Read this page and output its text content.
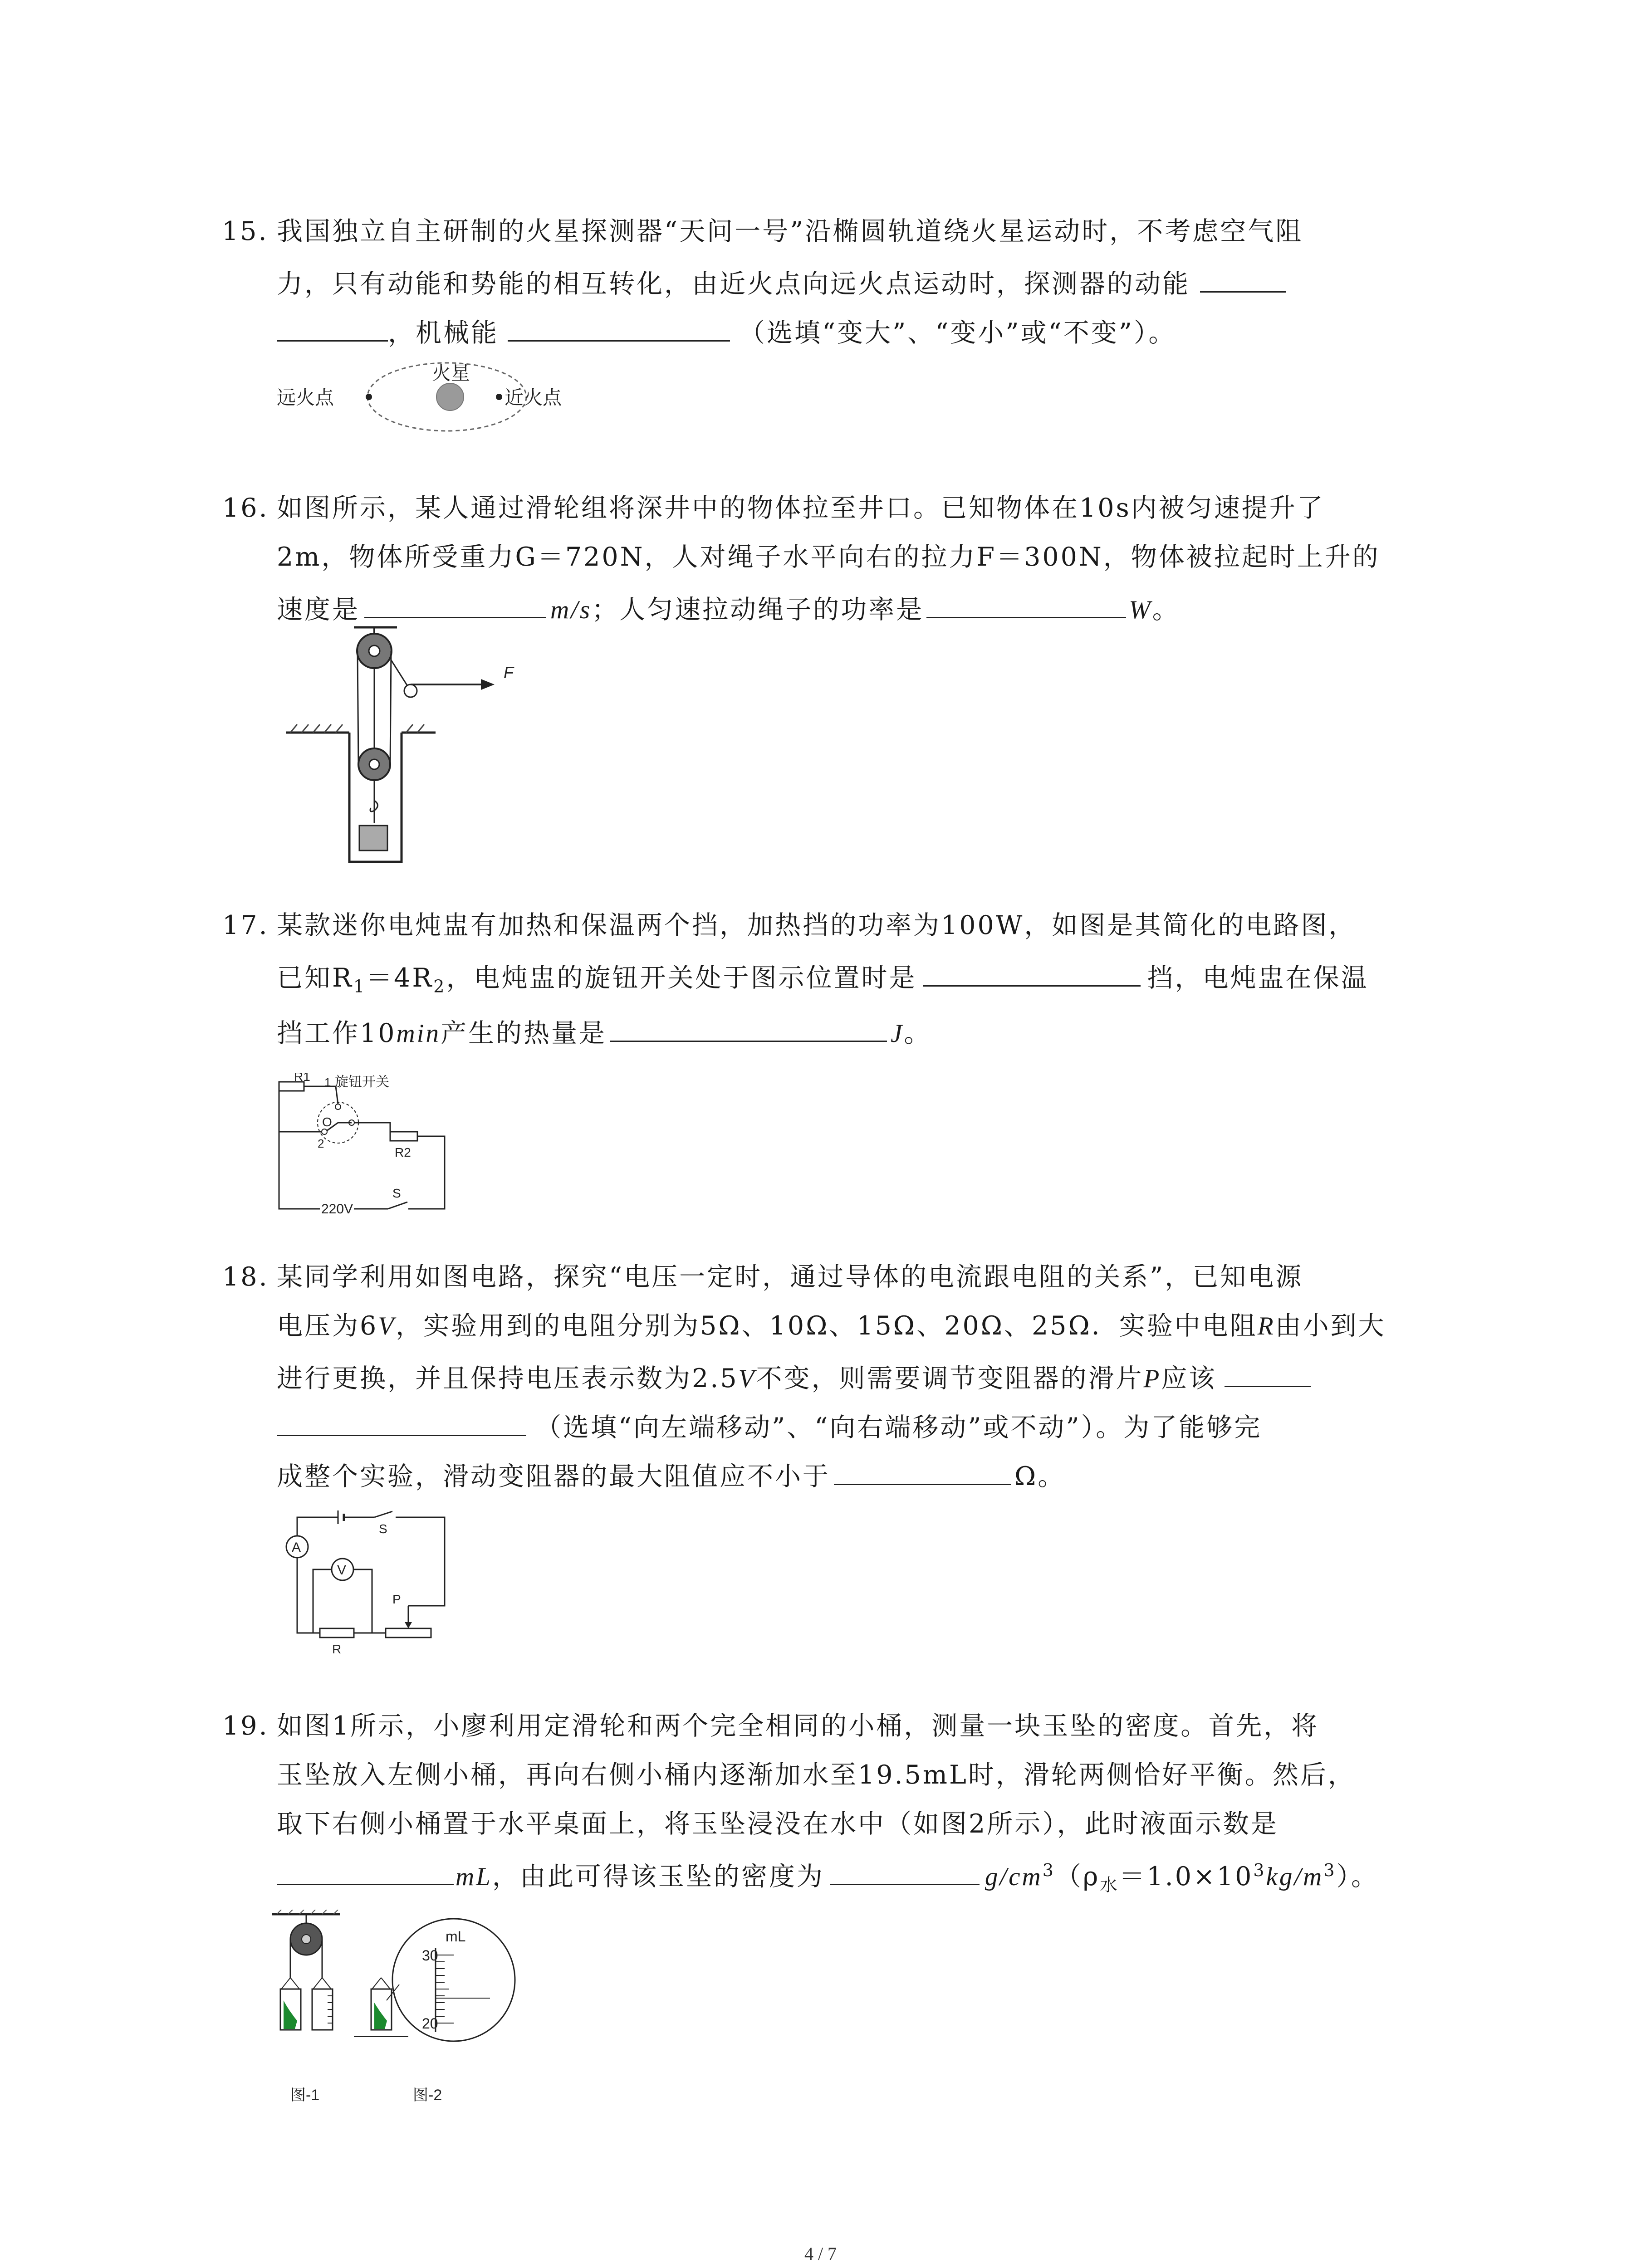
15. 我国独立自主研制的火星探测器“天问一号”沿椭圆轨道绕火星运动时，不考虑空气阻
力，只有动能和势能的相互转化，由近火点向远火点运动时，探测器的动能
，机械能	（选填“变大”、“变小”或“不变”）。
远火点
火星
近火点
16. 如图所示，某人通过滑轮组将深井中的物体拉至井口。已知物体在10s内被匀速提升了
2m，物体所受重力G＝720N，人对绳子水平向右的拉力F＝300N，物体被拉起时上升的
速度是	m/s；人匀速拉动绳子的功率是	W。
F
17. 某款迷你电炖盅有加热和保温两个挡，加热挡的功率为100W，如图是其简化的电路图，
已知$R_1=4R_2$，电炖盅的旋钮开关处于图示位置时是	挡，电炖盅在保温
挡工作10min产生的热量是	J。
R1 1 旋钮开关
O
2
R2
S
220V
18. 某同学利用如图电路，探究“电压一定时，通过导体的电流跟电阻的关系”，已知电源
电压为6V，实验用到的电阻分别为5Ω、10Ω、15Ω、20Ω、25Ω．实验中电阻R由小到大
进行更换，并且保持电压表示数为2.5V不变，则需要调节变阻器的滑片P应该
（选填“向左端移动”、“向右端移动”或不动”）。为了能够完
成整个实验，滑动变阻器的最大阻值应不小于	Ω。
S
A
V
R
P
19. 如图1所示，小廖利用定滑轮和两个完全相同的小桶，测量一块玉坠的密度。首先，将
玉坠放入左侧小桶，再向右侧小桶内逐渐加水至19.5mL时，滑轮两侧恰好平衡。然后，
取下右侧小桶置于水平桌面上，将玉坠浸没在水中（如图2所示），此时液面示数是
mL，由此可得该玉坠的密度为	$g/cm^3(\rho_水=1.0\times 10^3kg/m^3)$。
mL
30
20
图-1	图-2
4 / 7
